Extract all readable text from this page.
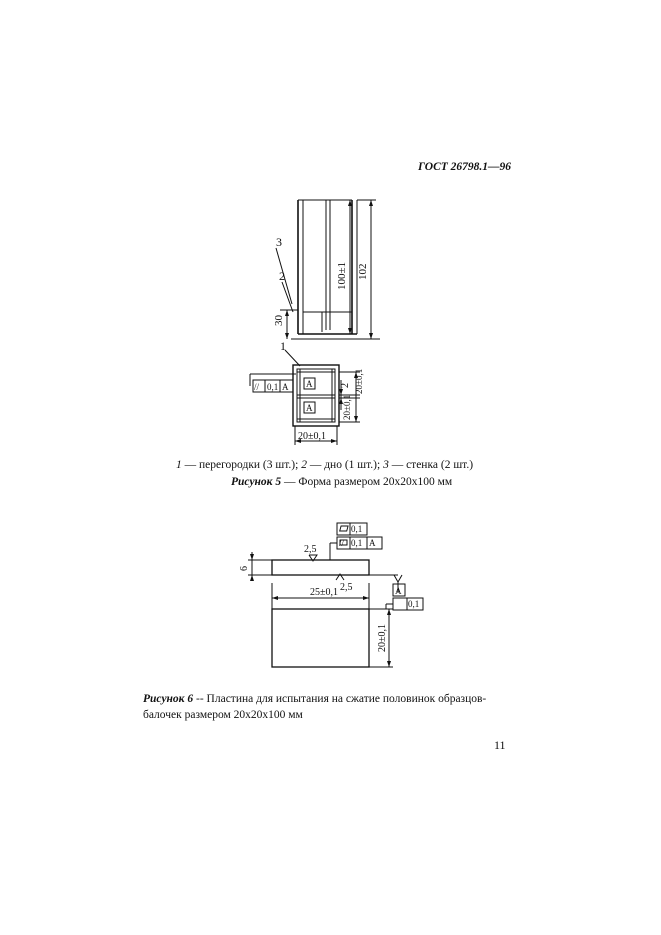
ГОСТ 26798.1—96
3
2
30
100±1 102
1
A
A
2 20±0,1
20±0,1
20±0,1
// 0,1 A
1 — перегородки (3 шт.); 2 — дно (1 шт.); 3 — стенка (2 шт.)
Рисунок 5 — Форма размером 20х20х100 мм
0,1
// 0,1 A
2,5
2,5
6
25±0,1
20±0,1
A
0,1
Рисунок 6 -- Пластина для испытания на сжатие половинок образцов-балочек размером 20х20х100 мм
11
